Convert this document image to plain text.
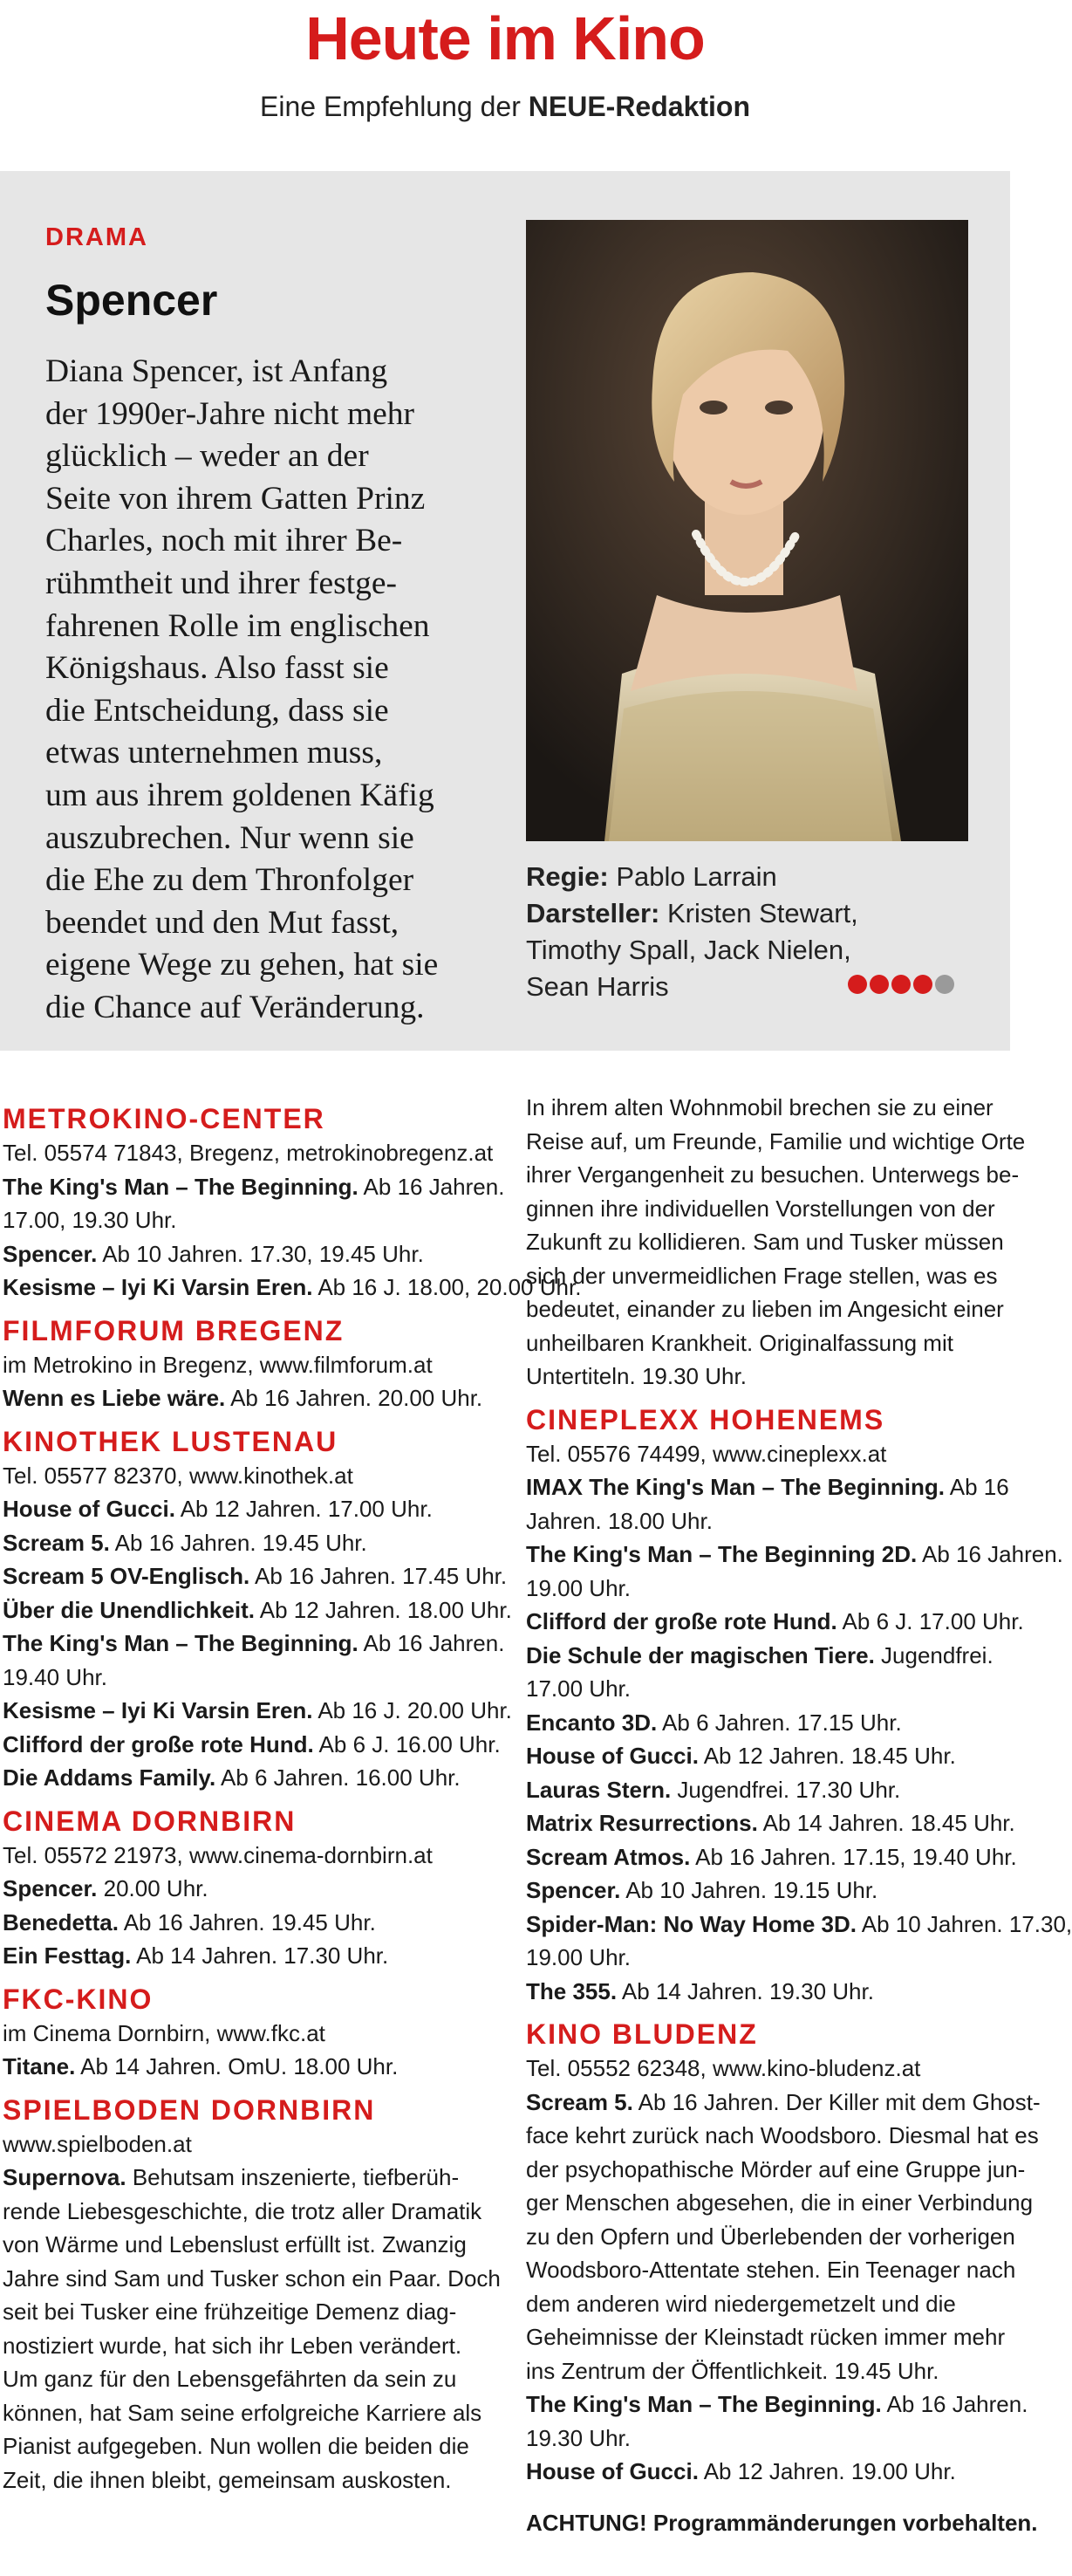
Heute im Kino
Eine Empfehlung der NEUE-Redaktion
DRAMA
Spencer
Diana Spencer, ist Anfang
der 1990er-Jahre nicht mehr
glücklich – weder an der
Seite von ihrem Gatten Prinz
Charles, noch mit ihrer Be-
rühmtheit und ihrer festge-
fahrenen Rolle im englischen
Königshaus. Also fasst sie
die Entscheidung, dass sie
etwas unternehmen muss,
um aus ihrem goldenen Käfig
auszubrechen. Nur wenn sie
die Ehe zu dem Thronfolger
beendet und den Mut fasst,
eigene Wege zu gehen, hat sie
die Chance auf Veränderung.
Regie: Pablo Larrain
Darsteller: Kristen Stewart,
Timothy Spall, Jack Nielen,
Sean Harris
METROKINO-CENTER
Tel. 05574 71843, Bregenz, metrokinobregenz.at
The King's Man – The Beginning. Ab 16 Jahren.
17.00, 19.30 Uhr.
Spencer. Ab 10 Jahren. 17.30, 19.45 Uhr.
Kesisme – Iyi Ki Varsin Eren. Ab 16 J. 18.00, 20.00 Uhr.
FILMFORUM BREGENZ
im Metrokino in Bregenz, www.filmforum.at
Wenn es Liebe wäre. Ab 16 Jahren. 20.00 Uhr.
KINOTHEK LUSTENAU
Tel. 05577 82370, www.kinothek.at
House of Gucci. Ab 12 Jahren. 17.00 Uhr.
Scream 5. Ab 16 Jahren. 19.45 Uhr.
Scream 5 OV-Englisch. Ab 16 Jahren. 17.45 Uhr.
Über die Unendlichkeit. Ab 12 Jahren. 18.00 Uhr.
The King's Man – The Beginning. Ab 16 Jahren.
19.40 Uhr.
Kesisme – Iyi Ki Varsin Eren. Ab 16 J. 20.00 Uhr.
Clifford der große rote Hund. Ab 6 J. 16.00 Uhr.
Die Addams Family. Ab 6 Jahren. 16.00 Uhr.
CINEMA DORNBIRN
Tel. 05572 21973, www.cinema-dornbirn.at
Spencer. 20.00 Uhr.
Benedetta. Ab 16 Jahren. 19.45 Uhr.
Ein Festtag. Ab 14 Jahren. 17.30 Uhr.
FKC-KINO
im Cinema Dornbirn, www.fkc.at
Titane. Ab 14 Jahren. OmU. 18.00 Uhr.
SPIELBODEN DORNBIRN
www.spielboden.at
Supernova. Behutsam inszenierte, tiefberüh-
rende Liebesgeschichte, die trotz aller Dramatik
von Wärme und Lebenslust erfüllt ist. Zwanzig
Jahre sind Sam und Tusker schon ein Paar. Doch
seit bei Tusker eine frühzeitige Demenz diag-
nostiziert wurde, hat sich ihr Leben verändert.
Um ganz für den Lebensgefährten da sein zu
können, hat Sam seine erfolgreiche Karriere als
Pianist aufgegeben. Nun wollen die beiden die
Zeit, die ihnen bleibt, gemeinsam auskosten.
In ihrem alten Wohnmobil brechen sie zu einer
Reise auf, um Freunde, Familie und wichtige Orte
ihrer Vergangenheit zu besuchen. Unterwegs be-
ginnen ihre individuellen Vorstellungen von der
Zukunft zu kollidieren. Sam und Tusker müssen
sich der unvermeidlichen Frage stellen, was es
bedeutet, einander zu lieben im Angesicht einer
unheilbaren Krankheit. Originalfassung mit
Untertiteln. 19.30 Uhr.
CINEPLEXX HOHENEMS
Tel. 05576 74499, www.cineplexx.at
IMAX The King's Man – The Beginning. Ab 16
Jahren. 18.00 Uhr.
The King's Man – The Beginning 2D. Ab 16 Jahren.
19.00 Uhr.
Clifford der große rote Hund. Ab 6 J. 17.00 Uhr.
Die Schule der magischen Tiere. Jugendfrei.
17.00 Uhr.
Encanto 3D. Ab 6 Jahren. 17.15 Uhr.
House of Gucci. Ab 12 Jahren. 18.45 Uhr.
Lauras Stern. Jugendfrei. 17.30 Uhr.
Matrix Resurrections. Ab 14 Jahren. 18.45 Uhr.
Scream Atmos. Ab 16 Jahren. 17.15, 19.40 Uhr.
Spencer. Ab 10 Jahren. 19.15 Uhr.
Spider-Man: No Way Home 3D. Ab 10 Jahren. 17.30,
19.00 Uhr.
The 355. Ab 14 Jahren. 19.30 Uhr.
KINO BLUDENZ
Tel. 05552 62348, www.kino-bludenz.at
Scream 5. Ab 16 Jahren. Der Killer mit dem Ghost-
face kehrt zurück nach Woodsboro. Diesmal hat es
der psychopathische Mörder auf eine Gruppe jun-
ger Menschen abgesehen, die in einer Verbindung
zu den Opfern und Überlebenden der vorherigen
Woodsboro-Attentate stehen. Ein Teenager nach
dem anderen wird niedergemetzelt und die
Geheimnisse der Kleinstadt rücken immer mehr
ins Zentrum der Öffentlichkeit. 19.45 Uhr.
The King's Man – The Beginning. Ab 16 Jahren.
19.30 Uhr.
House of Gucci. Ab 12 Jahren. 19.00 Uhr.
ACHTUNG! Programmänderungen vorbehalten.
